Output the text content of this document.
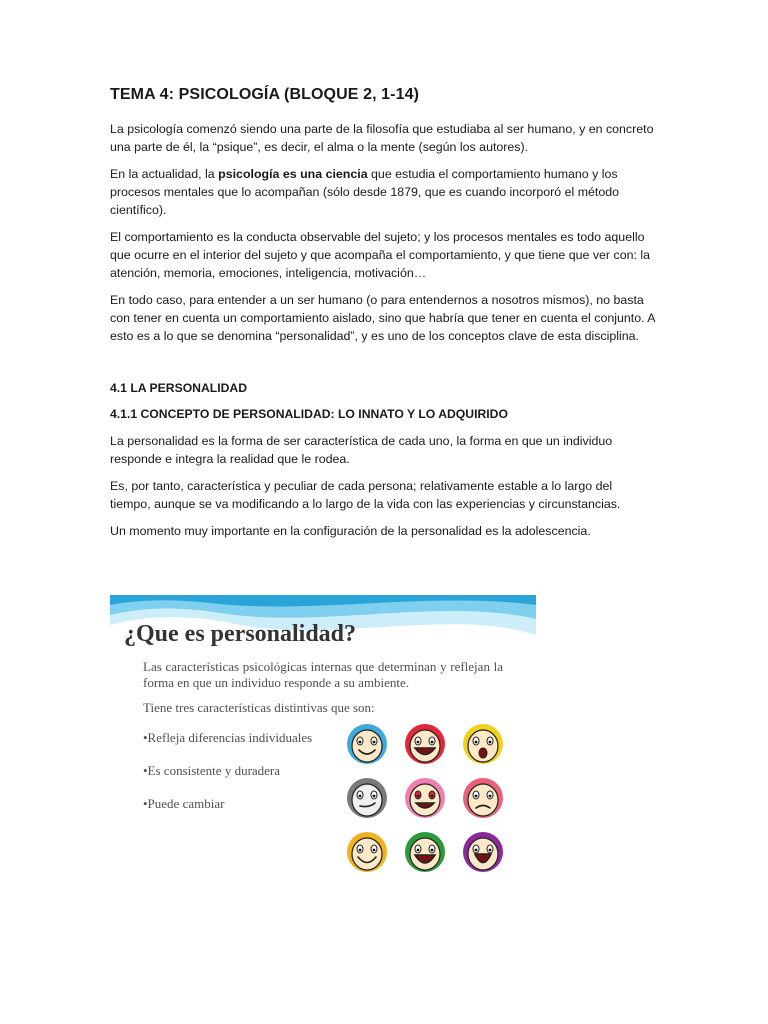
TEMA 4: PSICOLOGÍA (BLOQUE 2, 1-14)

La psicología comenzó siendo una parte de la filosofía que estudiaba al ser humano, y en concreto una parte de él, la “psique”, es decir, el alma o la mente (según los autores).

En la actualidad, la psicología es una ciencia que estudia el comportamiento humano y los procesos mentales que lo acompañan (sólo desde 1879, que es cuando incorporó el método científico).

El comportamiento es la conducta observable del sujeto; y los procesos mentales es todo aquello que ocurre en el interior del sujeto y que acompaña el comportamiento, y que tiene que ver con: la atención, memoria, emociones, inteligencia, motivación…

En todo caso, para entender a un ser humano (o para entendernos a nosotros mismos), no basta con tener en cuenta un comportamiento aislado, sino que habría que tener en cuenta el conjunto. A esto es a lo que se denomina “personalidad”, y es uno de los conceptos clave de esta disciplina.

4.1 LA PERSONALIDAD
4.1.1 CONCEPTO DE PERSONALIDAD: LO INNATO Y LO ADQUIRIDO

La personalidad es la forma de ser característica de cada uno, la forma en que un individuo responde e integra la realidad que le rodea.

Es, por tanto, característica y peculiar de cada persona; relativamente estable a lo largo del tiempo, aunque se va modificando a lo largo de la vida con las experiencias y circunstancias.

Un momento muy importante en la configuración de la personalidad es la adolescencia.

¿Que es personalidad?

Las características psicológicas internas que determinan y reflejan la forma en que un individuo responde a su ambiente.

Tiene tres características distintivas que son:

•Refleja diferencias individuales

•Es consistente y duradera

•Puede cambiar
